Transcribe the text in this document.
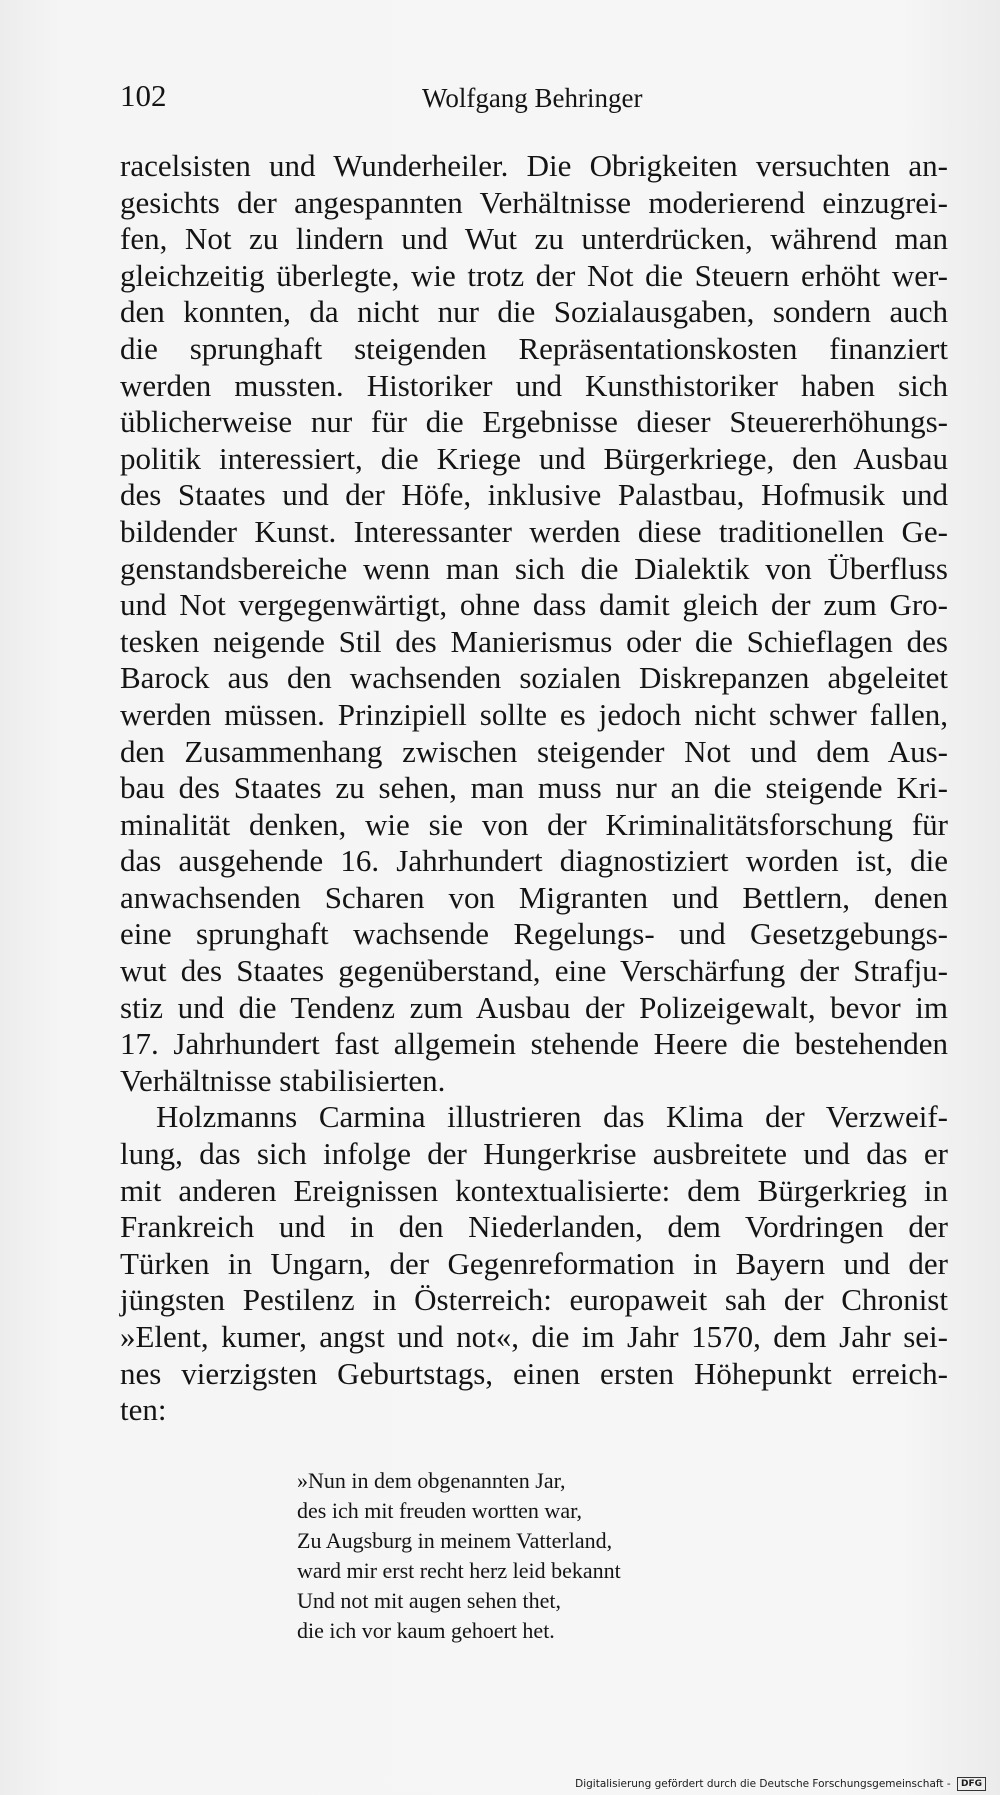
102	Wolfgang Behringer
racelsisten und Wunderheiler. Die Obrigkeiten versuchten an-
gesichts der angespannten Verhältnisse moderierend einzugrei-
fen, Not zu lindern und Wut zu unterdrücken, während man
gleichzeitig überlegte, wie trotz der Not die Steuern erhöht wer-
den konnten, da nicht nur die Sozialausgaben, sondern auch
die sprunghaft steigenden Repräsentationskosten finanziert
werden mussten. Historiker und Kunsthistoriker haben sich
üblicherweise nur für die Ergebnisse dieser Steuererhöhungs-
politik interessiert, die Kriege und Bürgerkriege, den Ausbau
des Staates und der Höfe, inklusive Palastbau, Hofmusik und
bildender Kunst. Interessanter werden diese traditionellen Ge-
genstandsbereiche wenn man sich die Dialektik von Überfluss
und Not vergegenwärtigt, ohne dass damit gleich der zum Gro-
tesken neigende Stil des Manierismus oder die Schieflagen des
Barock aus den wachsenden sozialen Diskrepanzen abgeleitet
werden müssen. Prinzipiell sollte es jedoch nicht schwer fallen,
den Zusammenhang zwischen steigender Not und dem Aus-
bau des Staates zu sehen, man muss nur an die steigende Kri-
minalität denken, wie sie von der Kriminalitätsforschung für
das ausgehende 16. Jahrhundert diagnostiziert worden ist, die
anwachsenden Scharen von Migranten und Bettlern, denen
eine sprunghaft wachsende Regelungs- und Gesetzgebungs-
wut des Staates gegenüberstand, eine Verschärfung der Strafju-
stiz und die Tendenz zum Ausbau der Polizeigewalt, bevor im
17. Jahrhundert fast allgemein stehende Heere die bestehenden
Verhältnisse stabilisierten.
Holzmanns Carmina illustrieren das Klima der Verzweif-
lung, das sich infolge der Hungerkrise ausbreitete und das er
mit anderen Ereignissen kontextualisierte: dem Bürgerkrieg in
Frankreich und in den Niederlanden, dem Vordringen der
Türken in Ungarn, der Gegenreformation in Bayern und der
jüngsten Pestilenz in Österreich: europaweit sah der Chronist
»Elent, kumer, angst und not«, die im Jahr 1570, dem Jahr sei-
nes vierzigsten Geburtstags, einen ersten Höhepunkt erreich-
ten:
»Nun in dem obgenannten Jar,
des ich mit freuden wortten war,
Zu Augsburg in meinem Vatterland,
ward mir erst recht herz leid bekannt
Und not mit augen sehen thet,
die ich vor kaum gehoert het.
Digitalisierung gefördert durch die Deutsche Forschungsgemeinschaft - DFG
